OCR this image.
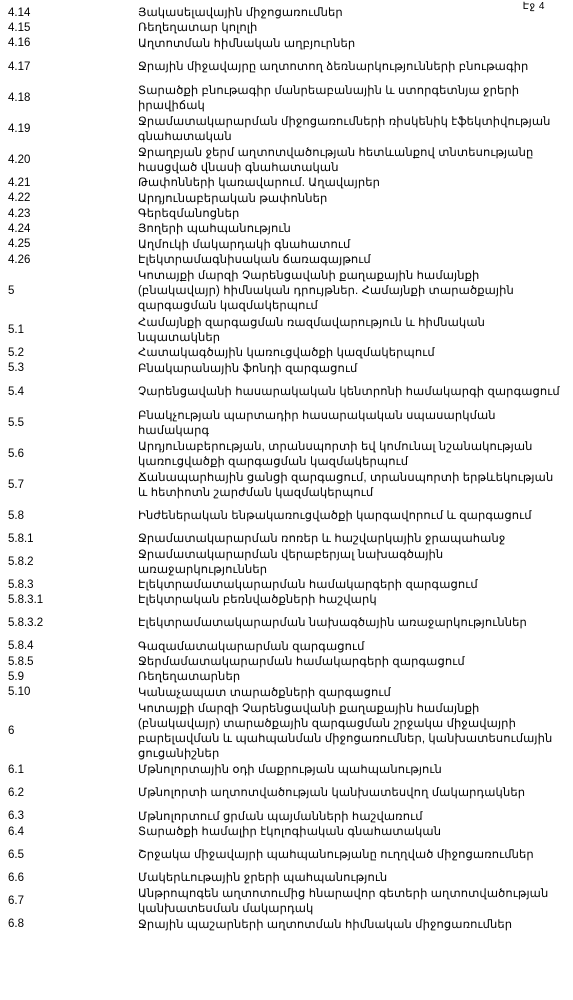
Էջ 4
4.14	Յակասելավային միջոցառումներ
4.15	Ռեղեղատար կոլոլի
4.16	Աղտոտման հիմնական աղբյուրներ
4.17	Ջրային միջավայրը աղտոտող ձեռնարկությունների բնութագիր
4.18
Տարածքի բնութագիր մանրեաբանային և ստորգետնյա ջրերի իրավիճակ
4.19
Ջրամատակարարման միջոցառումների ռիսկենիկ էֆեկտիվության գնահատական
4.20
Ջրաղբյան ջերմ աղտոտվածության հետևանքով տնտեսությանը հասցված վնասի գնահատական
4.21	Թափոնների կառավարում. Աղավայրեր
4.22	Արդյունաբերական թափոններ
4.23	Գերեզմանոցներ
4.24	Յողերի պահպանություն
4.25	Աղմուկի մակարդակի գնահատում
4.26	Էլեկտրամագնիսական ճառագայթում
5
Կոտայքի մարզի Չարենցավանի քաղաքային համայնքի (բնակավայր) հիմնական դրույթներ. Համայնքի տարածքային զարգացման կազմակերպում
5.1
Համայնքի զարգացման ռազմավարություն և հիմնական նպատակներ
5.2	Հատակագծային կառուցվածքի կազմակերպում
5.3	Բնակարանային ֆոնդի զարգացում
5.4	Չարենցավանի հասարակական կենտրոնի համակարգի զարգացում
5.5
Բնակչության պարտադիր հասարակական սպասարկման համակարգ
5.6
Արդյունաբերության, տրանսպորտի եվ կոմունալ նշանակության կառուցվածքի զարգացման կազմակերպում
5.7
Ճանապարհային ցանցի զարգացում, տրանսպորտի երթևեկության և հետիոտն շարժման կազմակերպում
5.8	Ինժեներական ենթակառուցվածքի կարգավորում և զարգացում
5.8.1	Ջրամատակարարման ռոռեր և հաշվարկային ջրապահանջ
5.8.2
Ջրամատակարարման վերաբերյալ նախագծային առաջարկություններ
5.8.3	Էլեկտրամատակարարման համակարգերի զարգացում
5.8.3.1	Էլեկտրական բեռնվածքների հաշվարկ
5.8.3.2	Էլեկտրամատակարարման նախագծային առաջարկություններ
5.8.4	Գազամատակարարման զարգացում
5.8.5	Ջերմամատակարարման համակարգերի զարգացում
5.9	Ռեղեղատարներ
5.10	Կանաչապատ տարածքների զարգացում
6
Կոտայքի մարզի Չարենցավանի քաղաքային համայնքի (բնակավայր) տարածքային զարգացման շրջակա միջավայրի բարելավման և պահպանման միջոցառումներ, կանխատեսումային ցուցանիշներ
6.1	Մթնոլորտային օդի մաքրության պահպանություն
6.2	Մթնոլորտի աղտոտվածության կանխատեսվող մակարդակներ
6.3	Մթնոլորտում ցրման պայմանների հաշվառում
6.4	Տարածքի համալիր էկոլոգիական գնահատական
6.5	Շրջակա միջավայրի պահպանությանը ուղղված միջոցառումներ
6.6	Մակերևութային ջրերի պահպանություն
6.7
Անթրոպոգեն աղտոտումից հնարավոր գետերի աղտոտվածության կանխատեսման մակարդակ
6.8	Ջրային պաշարների աղտոտման հիմնական միջոցառումներ
